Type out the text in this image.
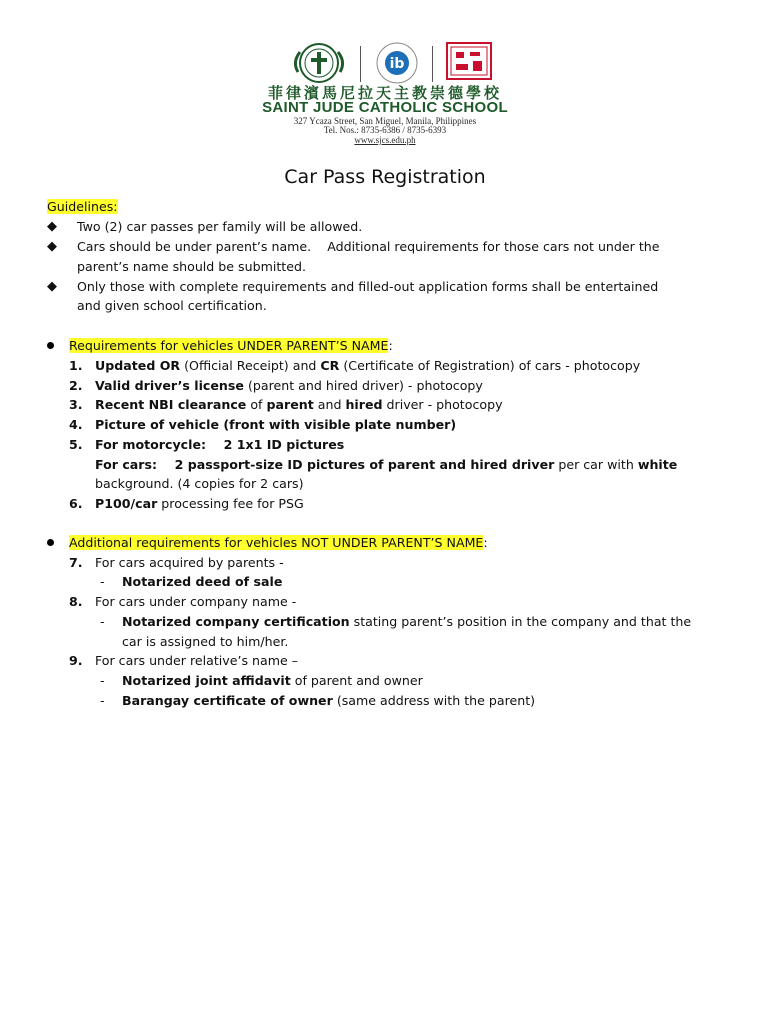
ib
菲律濱馬尼拉天主教崇德學校
SAINT JUDE CATHOLIC SCHOOL
327 Ycaza Street, San Miguel, Manila, Philippines
Tel. Nos.: 8735-6386 / 8735-6393
www.sjcs.edu.ph
Car Pass Registration
Guidelines:
◆ Two (2) car passes per family will be allowed.
◆ Cars should be under parent’s name.    Additional requirements for those cars not under the
parent’s name should be submitted.
◆ Only those with complete requirements and filled-out application forms shall be entertained
and given school certification.
Requirements for vehicles UNDER PARENT’S NAME:
1. Updated OR (Official Receipt) and CR (Certificate of Registration) of cars - photocopy
2. Valid driver’s license (parent and hired driver) - photocopy
3. Recent NBI clearance of parent and hired driver - photocopy
4. Picture of vehicle (front with visible plate number)
5. For motorcycle:    2 1x1 ID pictures
For cars:    2 passport-size ID pictures of parent and hired driver per car with white
background. (4 copies for 2 cars)
6. P100/car processing fee for PSG
Additional requirements for vehicles NOT UNDER PARENT’S NAME:
7. For cars acquired by parents -
- Notarized deed of sale
8. For cars under company name -
- Notarized company certification stating parent’s position in the company and that the
car is assigned to him/her.
9. For cars under relative’s name –
- Notarized joint affidavit of parent and owner
- Barangay certificate of owner (same address with the parent)
